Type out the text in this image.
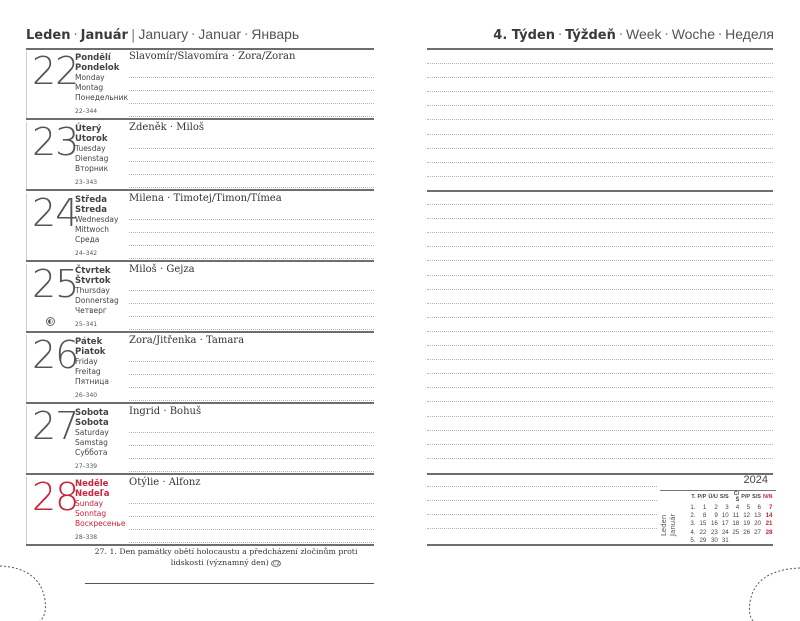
Leden · Január | January · Januar · Январь
22
Pondělí
Pondelok
Monday
Montag
Понедельник
22–344
Slavomír/Slavomíra · Zora/Zoran
23
Úterý
Utorok
Tuesday
Dienstag
Вторник
23–343
Zdeněk · Miloš
24
Středa
Streda
Wednesday
Mittwoch
Среда
24–342
Milena · Timotej/Timon/Tímea
25
Čtvrtek
Štvrtok
Thursday
Donnerstag
Четверг
25–341
Miloš · Gejza
◐
26
Pátek
Piatok
Friday
Freitag
Пятница
26–340
Zora/Jitřenka · Tamara
27
Sobota
Sobota
Saturday
Samstag
Суббота
27–339
Ingrid · Bohuš
28
Neděle
Nedeľa
Sunday
Sonntag
Воскресенье
28–338
Otýlie · Alfonz
27. 1. Den památky obětí holocaustu a předcházení zločinům proti lidskosti (významný den) CZ
4. Týden · Týždeň · Week · Woche · Неделя
2024
Leden
Január
T.	P/P	Ú/U	S/S	Č/Š	P/P	S/S	N/N
1.	1	2	3	4	5	6	7
2.	8	9	10	11	12	13	14
3.	15	16	17	18	19	20	21
4.	22	23	24	25	26	27	28
5.	29	30	31				
